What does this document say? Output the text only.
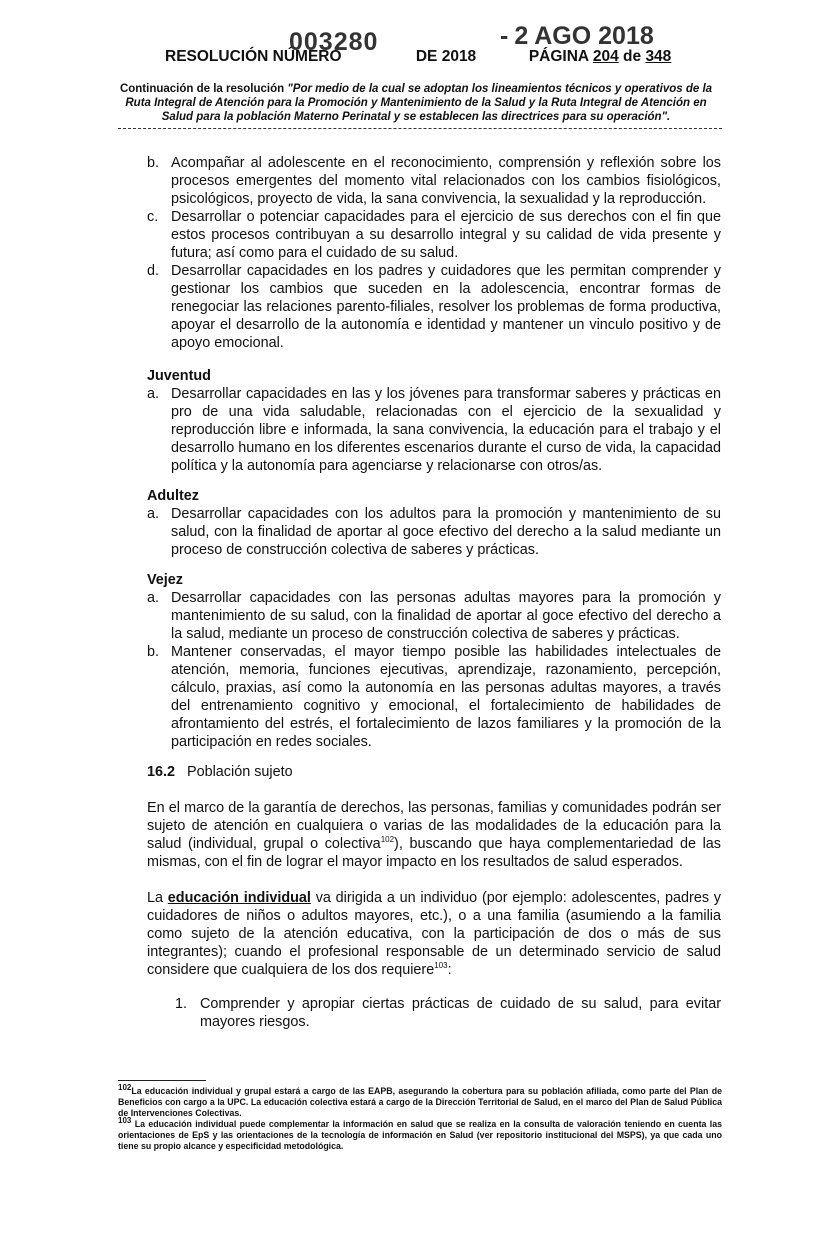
003280	- 2 AGO 2018
RESOLUCIÓN NÚMERO	DE 2018	PÁGINA 204 de 348
Continuación de la resolución "Por medio de la cual se adoptan los lineamientos técnicos y operativos de la Ruta Integral de Atención para la Promoción y Mantenimiento de la Salud y la Ruta Integral de Atención en Salud para la población Materno Perinatal y se establecen las directrices para su operación".
b. Acompañar al adolescente en el reconocimiento, comprensión y reflexión sobre los procesos emergentes del momento vital relacionados con los cambios fisiológicos, psicológicos, proyecto de vida, la sana convivencia, la sexualidad y la reproducción.
c. Desarrollar o potenciar capacidades para el ejercicio de sus derechos con el fin que estos procesos contribuyan a su desarrollo integral y su calidad de vida presente y futura; así como para el cuidado de su salud.
d. Desarrollar capacidades en los padres y cuidadores que les permitan comprender y gestionar los cambios que suceden en la adolescencia, encontrar formas de renegociar las relaciones parento-filiales, resolver los problemas de forma productiva, apoyar el desarrollo de la autonomía e identidad y mantener un vinculo positivo y de apoyo emocional.
Juventud
a. Desarrollar capacidades en las y los jóvenes para transformar saberes y prácticas en pro de una vida saludable, relacionadas con el ejercicio de la sexualidad y reproducción libre e informada, la sana convivencia, la educación para el trabajo y el desarrollo humano en los diferentes escenarios durante el curso de vida, la capacidad política y la autonomía para agenciarse y relacionarse con otros/as.
Adultez
a. Desarrollar capacidades con los adultos para la promoción y mantenimiento de su salud, con la finalidad de aportar al goce efectivo del derecho a la salud mediante un proceso de construcción colectiva de saberes y prácticas.
Vejez
a. Desarrollar capacidades con las personas adultas mayores para la promoción y mantenimiento de su salud, con la finalidad de aportar al goce efectivo del derecho a la salud, mediante un proceso de construcción colectiva de saberes y prácticas.
b. Mantener conservadas, el mayor tiempo posible las habilidades intelectuales de atención, memoria, funciones ejecutivas, aprendizaje, razonamiento, percepción, cálculo, praxias, así como la autonomía en las personas adultas mayores, a través del entrenamiento cognitivo y emocional, el fortalecimiento de habilidades de afrontamiento del estrés, el fortalecimiento de lazos familiares y la promoción de la participación en redes sociales.
16.2 Población sujeto
En el marco de la garantía de derechos, las personas, familias y comunidades podrán ser sujeto de atención en cualquiera o varias de las modalidades de la educación para la salud (individual, grupal o colectiva$^{102}$), buscando que haya complementariedad de las mismas, con el fin de lograr el mayor impacto en los resultados de salud esperados.
La educación individual va dirigida a un individuo (por ejemplo: adolescentes, padres y cuidadores de niños o adultos mayores, etc.), o a una familia (asumiendo a la familia como sujeto de la atención educativa, con la participación de dos o más de sus integrantes); cuando el profesional responsable de un determinado servicio de salud considere que cualquiera de los dos requiere$^{103}$:
1. Comprender y apropiar ciertas prácticas de cuidado de su salud, para evitar mayores riesgos.
$^{102}$La educación individual y grupal estará a cargo de las EAPB, asegurando la cobertura para su población afiliada, como parte del Plan de Beneficios con cargo a la UPC. La educación colectiva estará a cargo de la Dirección Territorial de Salud, en el marco del Plan de Salud Pública de Intervenciones Colectivas.
$^{103}$ La educación individual puede complementar la información en salud que se realiza en la consulta de valoración teniendo en cuenta las orientaciones de EpS y las orientaciones de la tecnología de información en Salud (ver repositorio institucional del MSPS), ya que cada uno tiene su propio alcance y especificidad metodológica.
